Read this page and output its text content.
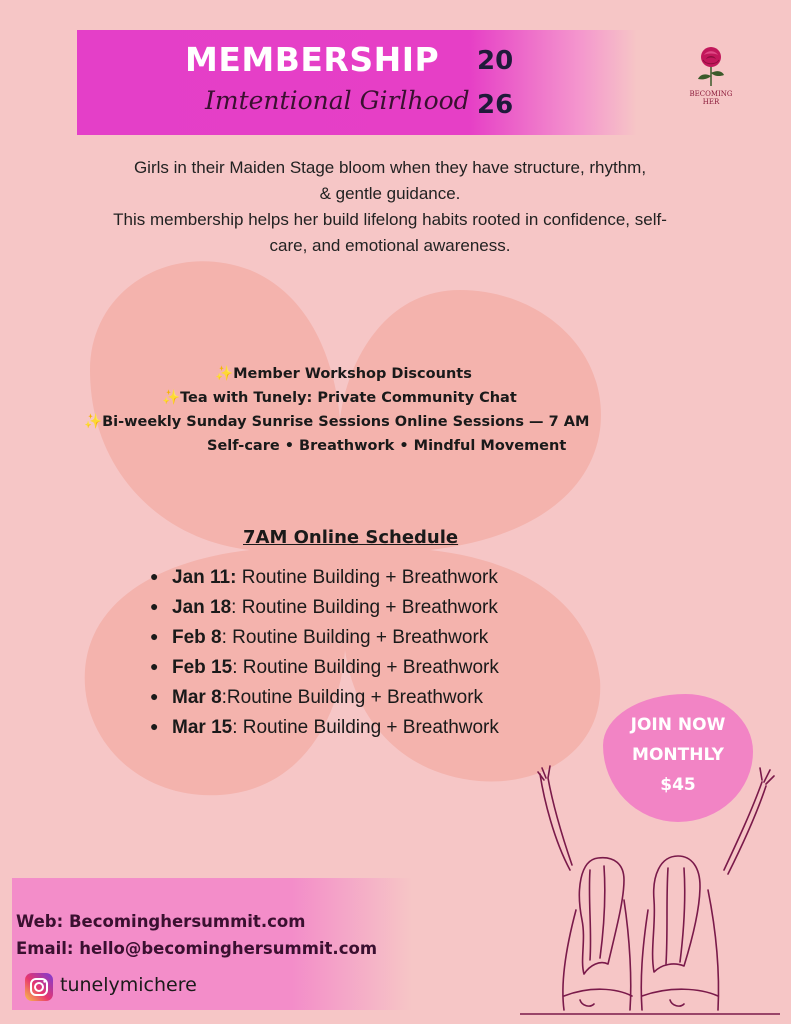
MEMBERSHIP
Imtentional Girlhood
20
26	BECOMING
HER
Girls in their Maiden Stage bloom when they have structure, rhythm,
& gentle guidance.
This membership helps her build lifelong habits rooted in confidence, self-
care, and emotional awareness.
✨Member Workshop Discounts
✨Tea with Tunely: Private Community Chat
✨Bi-weekly Sunday Sunrise Sessions Online Sessions — 7 AM
Self-care • Breathwork • Mindful Movement
7AM Online Schedule
● Jan 11: Routine Building + Breathwork
● Jan 18: Routine Building + Breathwork
● Feb 8: Routine Building + Breathwork
● Feb 15: Routine Building + Breathwork
● Mar 8:Routine Building + Breathwork
● Mar 15: Routine Building + Breathwork	JOIN NOW
MONTHLY
$45
Web: Becominghersummit.com
Email: hello@becominghersummit.com
tunelymichere
